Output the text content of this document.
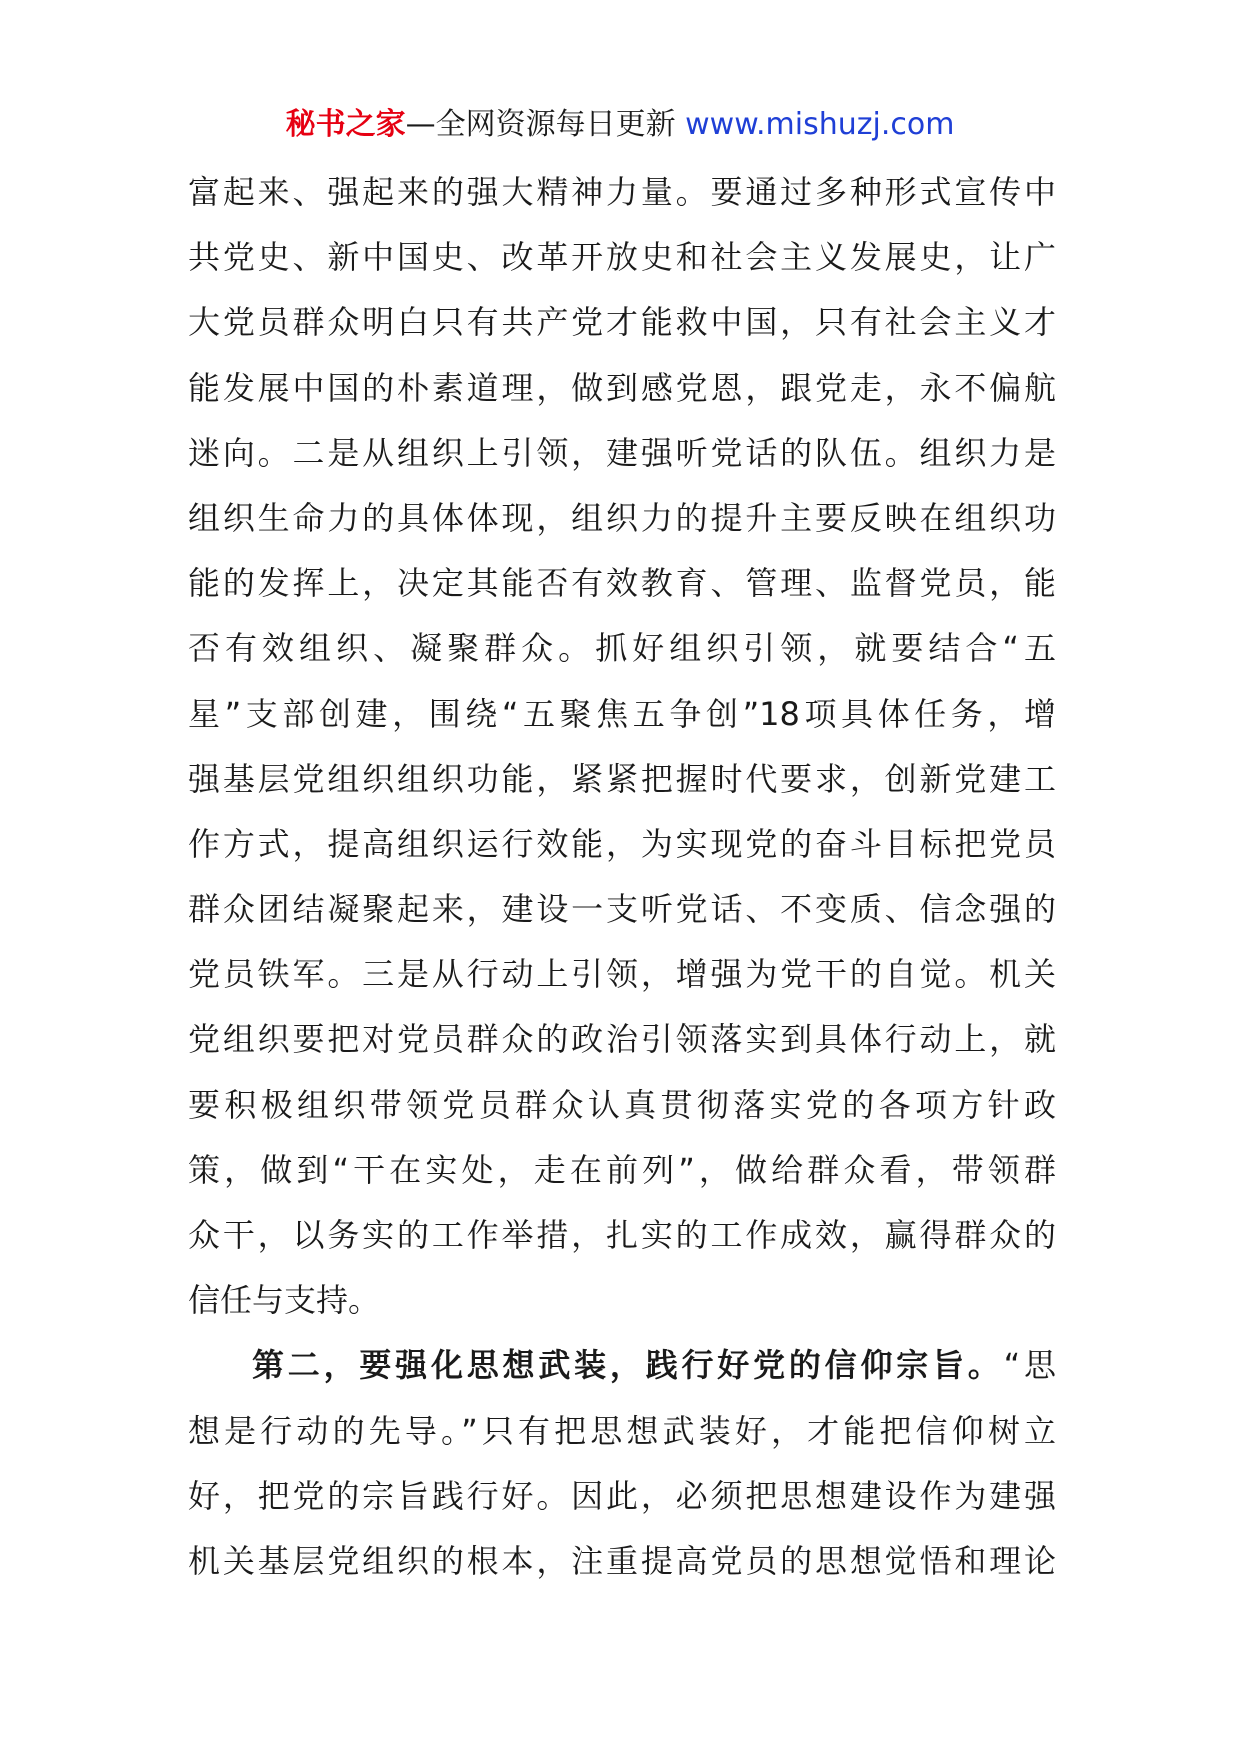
秘书之家—全网资源每日更新 www.mishuzj.com
富起来、强起来的强大精神力量。要通过多种形式宣传中
共党史、新中国史、改革开放史和社会主义发展史，让广
大党员群众明白只有共产党才能救中国，只有社会主义才
能发展中国的朴素道理，做到感党恩，跟党走，永不偏航
迷向。二是从组织上引领，建强听党话的队伍。组织力是
组织生命力的具体体现，组织力的提升主要反映在组织功
能的发挥上，决定其能否有效教育、管理、监督党员，能
否有效组织、凝聚群众。抓好组织引领，就要结合“五
星”支部创建，围绕“五聚焦五争创”18项具体任务，增
强基层党组织组织功能，紧紧把握时代要求，创新党建工
作方式，提高组织运行效能，为实现党的奋斗目标把党员
群众团结凝聚起来，建设一支听党话、不变质、信念强的
党员铁军。三是从行动上引领，增强为党干的自觉。机关
党组织要把对党员群众的政治引领落实到具体行动上，就
要积极组织带领党员群众认真贯彻落实党的各项方针政
策，做到“干在实处，走在前列”，做给群众看，带领群
众干，以务实的工作举措，扎实的工作成效，赢得群众的
信任与支持。
第二，要强化思想武装，践行好党的信仰宗旨。“思
想是行动的先导。”只有把思想武装好，才能把信仰树立
好，把党的宗旨践行好。因此，必须把思想建设作为建强
机关基层党组织的根本，注重提高党员的思想觉悟和理论
